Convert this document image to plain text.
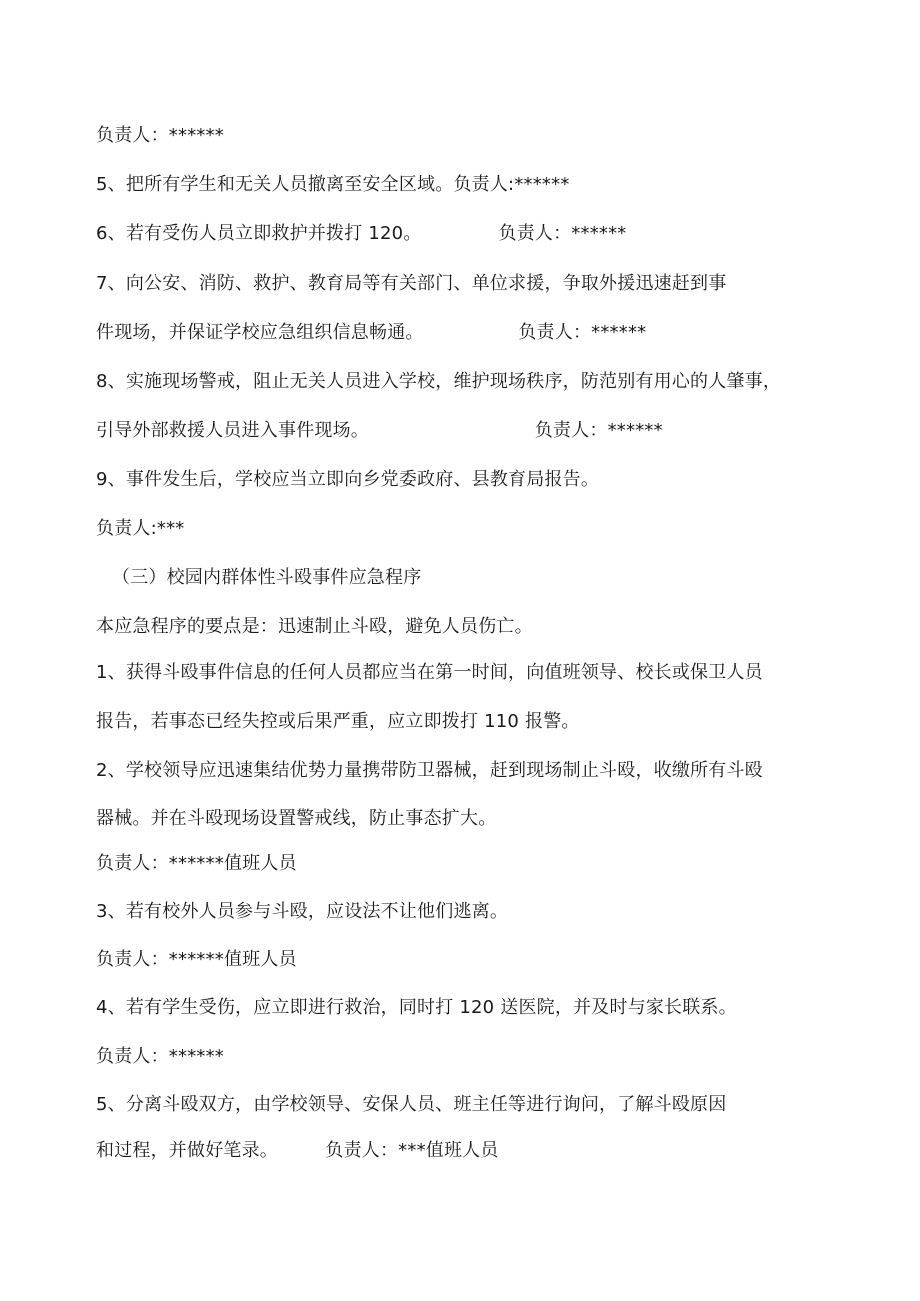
负责人：******
5、把所有学生和无关人员撤离至安全区域。负责人:******
6、若有受伤人员立即救护并拨打 120。             负责人：******
7、向公安、消防、救护、教育局等有关部门、单位求援，争取外援迅速赶到事
件现场，并保证学校应急组织信息畅通。                负责人：******
8、实施现场警戒，阻止无关人员进入学校，维护现场秩序，防范别有用心的人肇事，
引导外部救援人员进入事件现场。                            负责人：******
9、事件发生后，学校应当立即向乡党委政府、县教育局报告。
负责人:***
（三）校园内群体性斗殴事件应急程序
本应急程序的要点是：迅速制止斗殴，避免人员伤亡。
1、获得斗殴事件信息的任何人员都应当在第一时间，向值班领导、校长或保卫人员
报告，若事态已经失控或后果严重，应立即拨打 110 报警。
2、学校领导应迅速集结优势力量携带防卫器械，赶到现场制止斗殴，收缴所有斗殴
器械。并在斗殴现场设置警戒线，防止事态扩大。
负责人：******值班人员
3、若有校外人员参与斗殴，应设法不让他们逃离。
负责人：******值班人员
4、若有学生受伤，应立即进行救治，同时打 120 送医院，并及时与家长联系。
负责人：******
5、分离斗殴双方，由学校领导、安保人员、班主任等进行询问，了解斗殴原因
和过程，并做好笔录。        负责人：***值班人员
